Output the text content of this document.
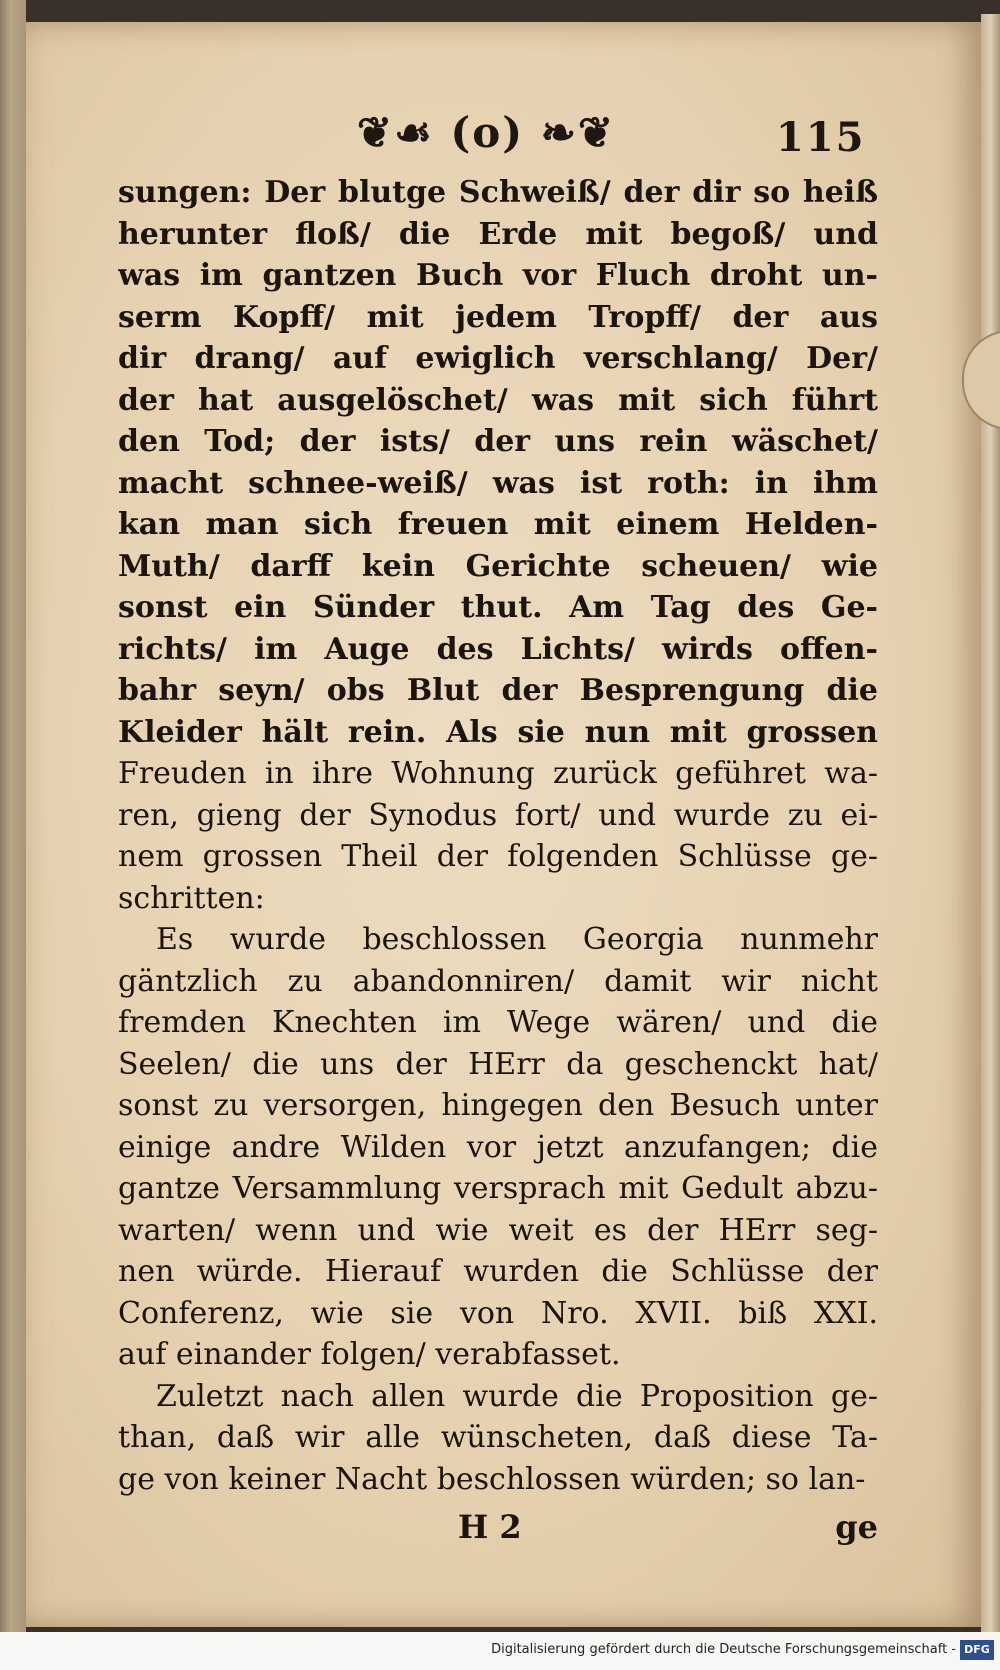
❦☙ (o) ❧❦	115
sungen: Der blutge Schweiß/ der dir so heiß
herunter floß/ die Erde mit begoß/ und
was im gantzen Buch vor Fluch droht un-
serm Kopff/ mit jedem Tropff/ der aus
dir drang/ auf ewiglich verschlang/ Der/
der hat ausgelöschet/ was mit sich führt
den Tod; der ists/ der uns rein wäschet/
macht schnee-weiß/ was ist roth: in ihm
kan man sich freuen mit einem Helden-
Muth/ darff kein Gerichte scheuen/ wie
sonst ein Sünder thut. Am Tag des Ge-
richts/ im Auge des Lichts/ wirds offen-
bahr seyn/ obs Blut der Besprengung die
Kleider hält rein. Als sie nun mit grossen
Freuden in ihre Wohnung zurück geführet wa-
ren, gieng der Synodus fort/ und wurde zu ei-
nem grossen Theil der folgenden Schlüsse ge-
schritten:
Es wurde beschlossen Georgia nunmehr
gäntzlich zu abandonniren/ damit wir nicht
fremden Knechten im Wege wären/ und die
Seelen/ die uns der HErr da geschenckt hat/
sonst zu versorgen, hingegen den Besuch unter
einige andre Wilden vor jetzt anzufangen; die
gantze Versammlung versprach mit Gedult abzu-
warten/ wenn und wie weit es der HErr seg-
nen würde. Hierauf wurden die Schlüsse der
Conferenz, wie sie von Nro. XVII. biß XXI.
auf einander folgen/ verabfasset.
Zuletzt nach allen wurde die Proposition ge-
than, daß wir alle wünscheten, daß diese Ta-
ge von keiner Nacht beschlossen würden; so lan-
H 2	ge
Digitalisierung gefördert durch die Deutsche Forschungsgemeinschaft - DFG
